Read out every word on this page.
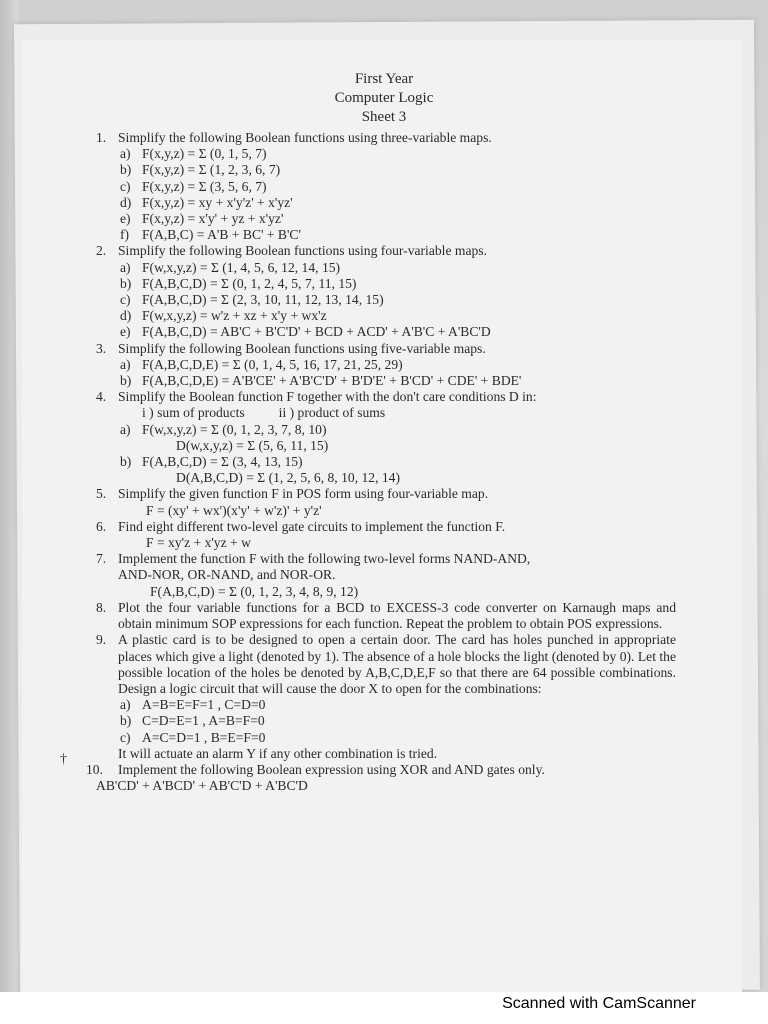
First Year
Computer Logic
Sheet 3
1. Simplify the following Boolean functions using three-variable maps.
a) F(x,y,z) = Σ (0, 1, 5, 7)
b) F(x,y,z) = Σ (1, 2, 3, 6, 7)
c) F(x,y,z) = Σ (3, 5, 6, 7)
d) F(x,y,z) = xy + x'y'z' + x'yz'
e) F(x,y,z) = x'y' + yz + x'yz'
f) F(A,B,C) = A'B + BC' + B'C'
2. Simplify the following Boolean functions using four-variable maps.
a) F(w,x,y,z) = Σ (1, 4, 5, 6, 12, 14, 15)
b) F(A,B,C,D) = Σ (0, 1, 2, 4, 5, 7, 11, 15)
c) F(A,B,C,D) = Σ (2, 3, 10, 11, 12, 13, 14, 15)
d) F(w,x,y,z) = w'z + xz + x'y + wx'z
e) F(A,B,C,D) = AB'C + B'C'D' + BCD + ACD' + A'B'C + A'BC'D
3. Simplify the following Boolean functions using five-variable maps.
a) F(A,B,C,D,E) = Σ (0, 1, 4, 5, 16, 17, 21, 25, 29)
b) F(A,B,C,D,E) = A'B'CE' + A'B'C'D' + B'D'E' + B'CD' + CDE' + BDE'
4. Simplify the Boolean function F together with the don't care conditions D in:
i ) sum of products          ii ) product of sums
a) F(w,x,y,z) = Σ (0, 1, 2, 3, 7, 8, 10)
D(w,x,y,z) = Σ (5, 6, 11, 15)
b) F(A,B,C,D) = Σ (3, 4, 13, 15)
D(A,B,C,D) = Σ (1, 2, 5, 6, 8, 10, 12, 14)
5. Simplify the given function F in POS form using four-variable map.
F = (xy' + wx')(x'y' + w'z)' + y'z'
6. Find eight different two-level gate circuits to implement the function F.
F = xy'z + x'yz + w
7. Implement the function F with the following two-level forms NAND-AND,
AND-NOR, OR-NAND, and NOR-OR.
F(A,B,C,D) = Σ (0, 1, 2, 3, 4, 8, 9, 12)
8. Plot the four variable functions for a BCD to EXCESS-3 code converter on Karnaugh maps and obtain minimum SOP expressions for each function. Repeat the problem to obtain POS expressions.
9. A plastic card is to be designed to open a certain door. The card has holes punched in appropriate places which give a light (denoted by 1). The absence of a hole blocks the light (denoted by 0). Let the possible location of the holes be denoted by A,B,C,D,E,F so that there are 64 possible combinations. Design a logic circuit that will cause the door X to open for the combinations:
a) A=B=E=F=1 , C=D=0
b) C=D=E=1 , A=B=F=0
c) A=C=D=1 , B=E=F=0
It will actuate an alarm Y if any other combination is tried.
10. Implement the following Boolean expression using XOR and AND gates only.
AB'CD' + A'BCD' + AB'C'D + A'BC'D
†
Scanned with CamScanner
